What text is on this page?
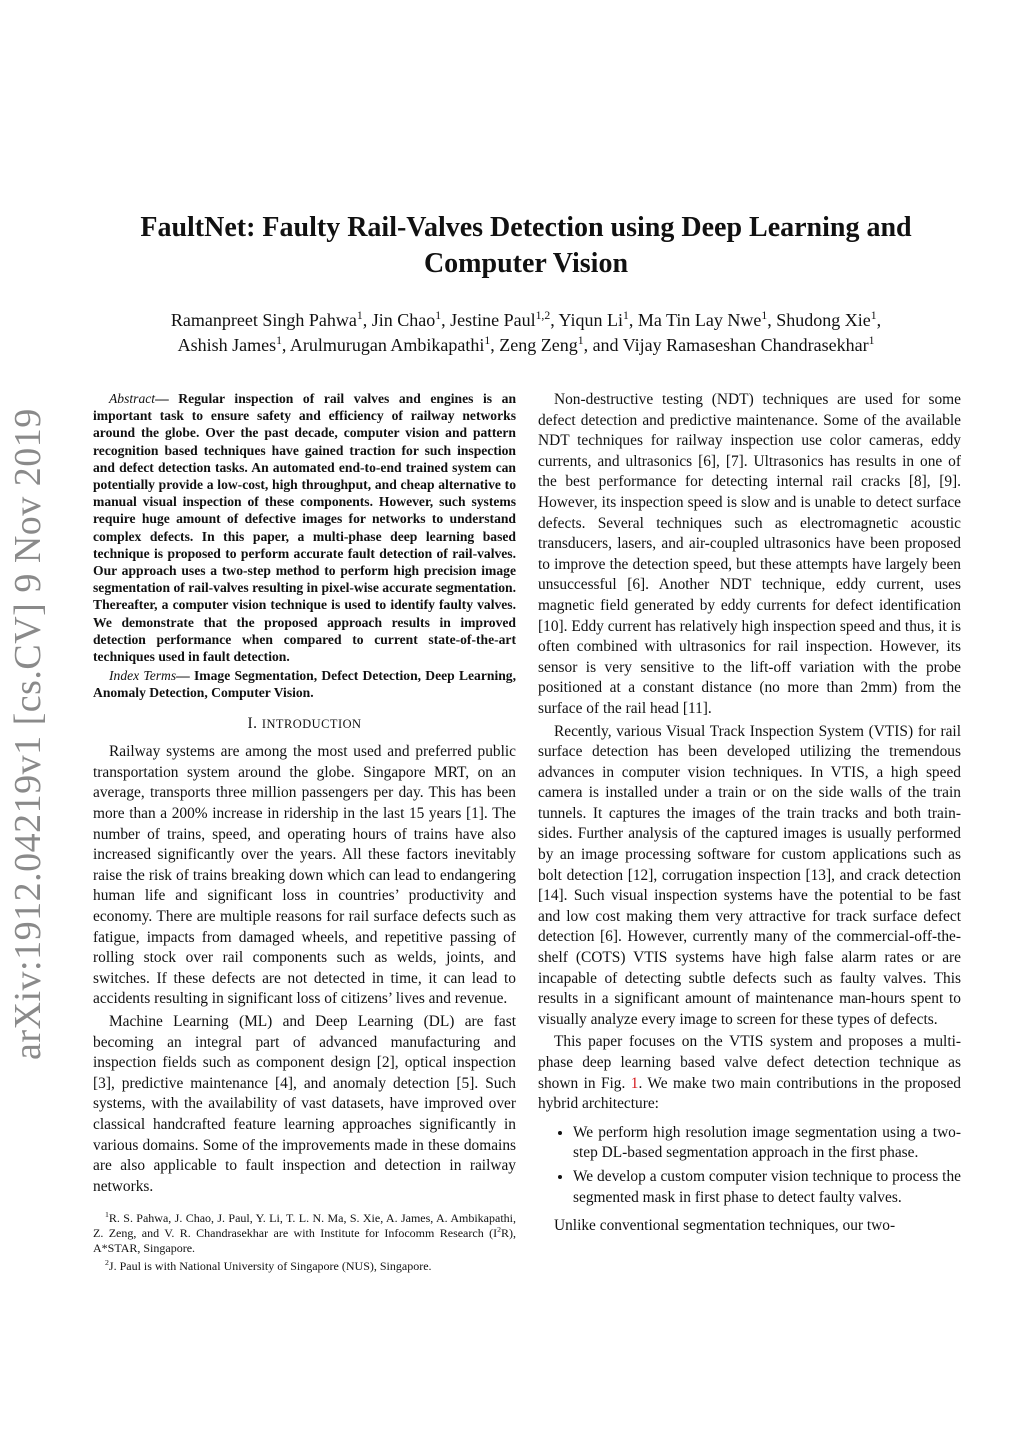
arXiv:1912.04219v1 [cs.CV] 9 Nov 2019
FaultNet: Faulty Rail-Valves Detection using Deep Learning and Computer Vision
Ramanpreet Singh Pahwa$^1$, Jin Chao$^1$, Jestine Paul$^{1,2}$, Yiqun Li$^1$, Ma Tin Lay Nwe$^1$, Shudong Xie$^1$,
Ashish James$^1$, Arulmurugan Ambikapathi$^1$, Zeng Zeng$^1$, and Vijay Ramaseshan Chandrasekhar$^1$

Abstract— Regular inspection of rail valves and engines is an important task to ensure safety and efficiency of railway networks around the globe. Over the past decade, computer vision and pattern recognition based techniques have gained traction for such inspection and defect detection tasks. An automated end-to-end trained system can potentially provide a low-cost, high throughput, and cheap alternative to manual visual inspection of these components. However, such systems require huge amount of defective images for networks to understand complex defects. In this paper, a multi-phase deep learning based technique is proposed to perform accurate fault detection of rail-valves. Our approach uses a two-step method to perform high precision image segmentation of rail-valves resulting in pixel-wise accurate segmentation. Thereafter, a computer vision technique is used to identify faulty valves. We demonstrate that the proposed approach results in improved detection performance when compared to current state-of-the-art techniques used in fault detection.

Index Terms— Image Segmentation, Defect Detection, Deep Learning, Anomaly Detection, Computer Vision.

I. INTRODUCTION

Railway systems are among the most used and preferred public transportation system around the globe. Singapore MRT, on an average, transports three million passengers per day. This has been more than a 200% increase in ridership in the last 15 years [1]. The number of trains, speed, and operating hours of trains have also increased significantly over the years. All these factors inevitably raise the risk of trains breaking down which can lead to endangering human life and significant loss in countries’ productivity and economy. There are multiple reasons for rail surface defects such as fatigue, impacts from damaged wheels, and repetitive passing of rolling stock over rail components such as welds, joints, and switches. If these defects are not detected in time, it can lead to accidents resulting in significant loss of citizens’ lives and revenue.

Machine Learning (ML) and Deep Learning (DL) are fast becoming an integral part of advanced manufacturing and inspection fields such as component design [2], optical inspection [3], predictive maintenance [4], and anomaly detection [5]. Such systems, with the availability of vast datasets, have improved over classical handcrafted feature learning approaches significantly in various domains. Some of the improvements made in these domains are also applicable to fault inspection and detection in railway networks.

$^1$R. S. Pahwa, J. Chao, J. Paul, Y. Li, T. L. N. Ma, S. Xie, A. James, A. Ambikapathi, Z. Zeng, and V. R. Chandrasekhar are with Institute for Infocomm Research $(I^2R)$, A*STAR, Singapore.

$^2$J. Paul is with National University of Singapore (NUS), Singapore.

Non-destructive testing (NDT) techniques are used for some defect detection and predictive maintenance. Some of the available NDT techniques for railway inspection use color cameras, eddy currents, and ultrasonics [6], [7]. Ultrasonics has results in one of the best performance for detecting internal rail cracks [8], [9]. However, its inspection speed is slow and is unable to detect surface defects. Several techniques such as electromagnetic acoustic transducers, lasers, and air-coupled ultrasonics have been proposed to improve the detection speed, but these attempts have largely been unsuccessful [6]. Another NDT technique, eddy current, uses magnetic field generated by eddy currents for defect identification [10]. Eddy current has relatively high inspection speed and thus, it is often combined with ultrasonics for rail inspection. However, its sensor is very sensitive to the lift-off variation with the probe positioned at a constant distance (no more than 2mm) from the surface of the rail head [11].

Recently, various Visual Track Inspection System (VTIS) for rail surface detection has been developed utilizing the tremendous advances in computer vision techniques. In VTIS, a high speed camera is installed under a train or on the side walls of the train tunnels. It captures the images of the train tracks and both train-sides. Further analysis of the captured images is usually performed by an image processing software for custom applications such as bolt detection [12], corrugation inspection [13], and crack detection [14]. Such visual inspection systems have the potential to be fast and low cost making them very attractive for track surface defect detection [6]. However, currently many of the commercial-off-the-shelf (COTS) VTIS systems have high false alarm rates or are incapable of detecting subtle defects such as faulty valves. This results in a significant amount of maintenance man-hours spent to visually analyze every image to screen for these types of defects.

This paper focuses on the VTIS system and proposes a multi-phase deep learning based valve defect detection technique as shown in Fig. 1. We make two main contributions in the proposed hybrid architecture:

• We perform high resolution image segmentation using a two-step DL-based segmentation approach in the first phase.
• We develop a custom computer vision technique to process the segmented mask in first phase to detect faulty valves.

Unlike conventional segmentation techniques, our two-
